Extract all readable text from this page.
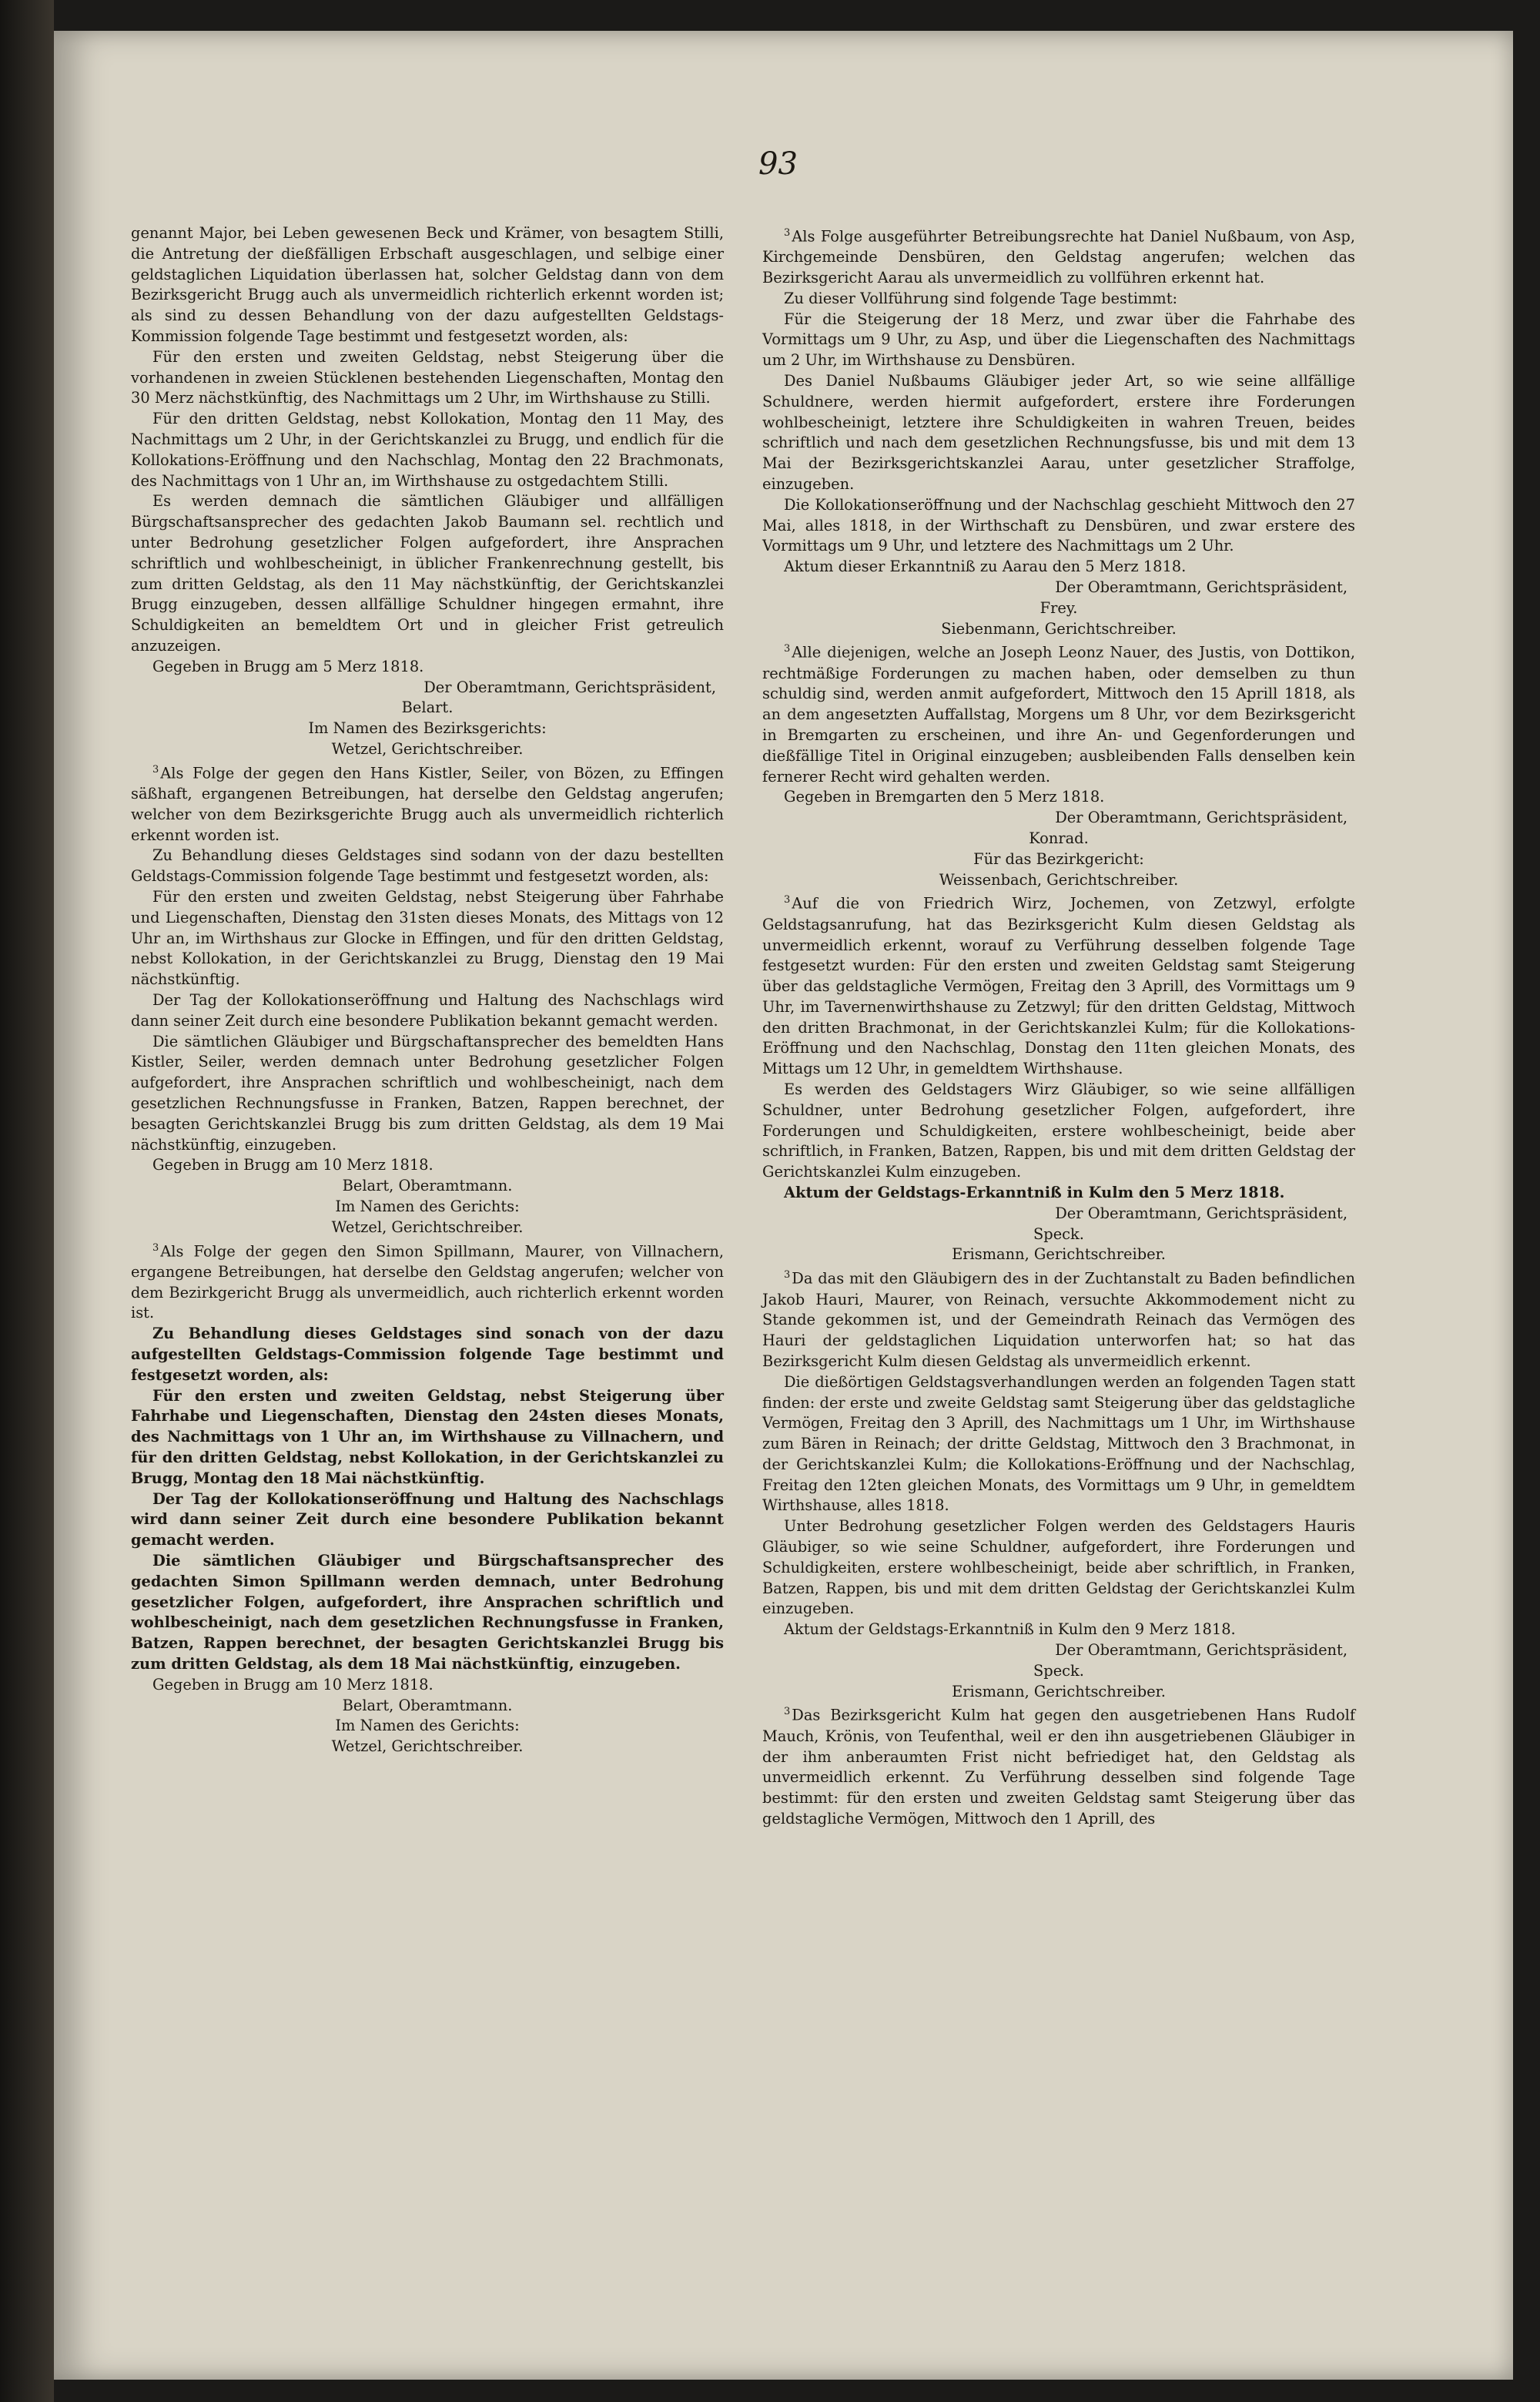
93

genannt Major, bei Leben gewesenen Beck und Krämer, von besagtem Stilli, die Antretung der dießfälligen Erbschaft ausgeschlagen, und selbige einer geldstaglichen Liquidation überlassen hat, solcher Geldstag dann von dem Bezirksgericht Brugg auch als unvermeidlich richterlich erkennt worden ist; als sind zu dessen Behandlung von der dazu aufgestellten Geldstags-Kommission folgende Tage bestimmt und festgesetzt worden, als:

Für den ersten und zweiten Geldstag, nebst Steigerung über die vorhandenen in zweien Stücklenen bestehenden Liegenschaften, Montag den 30 Merz nächstkünftig, des Nachmittags um 2 Uhr, im Wirthshause zu Stilli.

Für den dritten Geldstag, nebst Kollokation, Montag den 11 May, des Nachmittags um 2 Uhr, in der Gerichtskanzlei zu Brugg, und endlich für die Kollokations-Eröffnung und den Nachschlag, Montag den 22 Brachmonats, des Nachmittags von 1 Uhr an, im Wirthshause zu ostgedachtem Stilli.

Es werden demnach die sämtlichen Gläubiger und allfälligen Bürgschaftsansprecher des gedachten Jakob Baumann sel. rechtlich und unter Bedrohung gesetzlicher Folgen aufgefordert, ihre Ansprachen schriftlich und wohlbescheinigt, in üblicher Frankenrechnung gestellt, bis zum dritten Geldstag, als den 11 May nächstkünftig, der Gerichtskanzlei Brugg einzugeben, dessen allfällige Schuldner hingegen ermahnt, ihre Schuldigkeiten an bemeldtem Ort und in gleicher Frist getreulich anzuzeigen.

Gegeben in Brugg am 5 Merz 1818.

Der Oberamtmann, Gerichtspräsident,

Belart.

Im Namen des Bezirksgerichts:

Wetzel, Gerichtschreiber.

$^3$ Als Folge der gegen den Hans Kistler, Seiler, von Bözen, zu Effingen säßhaft, ergangenen Betreibungen, hat derselbe den Geldstag angerufen; welcher von dem Bezirksgerichte Brugg auch als unvermeidlich richterlich erkennt worden ist.

Zu Behandlung dieses Geldstages sind sodann von der dazu bestellten Geldstags-Commission folgende Tage bestimmt und festgesetzt worden, als:

Für den ersten und zweiten Geldstag, nebst Steigerung über Fahrhabe und Liegenschaften, Dienstag den 31sten dieses Monats, des Mittags von 12 Uhr an, im Wirthshaus zur Glocke in Effingen, und für den dritten Geldstag, nebst Kollokation, in der Gerichtskanzlei zu Brugg, Dienstag den 19 Mai nächstkünftig.

Der Tag der Kollokationseröffnung und Haltung des Nachschlags wird dann seiner Zeit durch eine besondere Publikation bekannt gemacht werden.

Die sämtlichen Gläubiger und Bürgschaftansprecher des bemeldten Hans Kistler, Seiler, werden demnach unter Bedrohung gesetzlicher Folgen aufgefordert, ihre Ansprachen schriftlich und wohlbescheinigt, nach dem gesetzlichen Rechnungsfusse in Franken, Batzen, Rappen berechnet, der besagten Gerichtskanzlei Brugg bis zum dritten Geldstag, als dem 19 Mai nächstkünftig, einzugeben.

Gegeben in Brugg am 10 Merz 1818.

Belart, Oberamtmann.

Im Namen des Gerichts:

Wetzel, Gerichtschreiber.

$^3$ Als Folge der gegen den Simon Spillmann, Maurer, von Villnachern, ergangene Betreibungen, hat derselbe den Geldstag angerufen; welcher von dem Bezirkgericht Brugg als unvermeidlich, auch richterlich erkennt worden ist.

Zu Behandlung dieses Geldstages sind sonach von der dazu aufgestellten Geldstags-Commission folgende Tage bestimmt und festgesetzt worden, als:

Für den ersten und zweiten Geldstag, nebst Steigerung über Fahrhabe und Liegenschaften, Dienstag den 24sten dieses Monats, des Nachmittags von 1 Uhr an, im Wirthshause zu Villnachern, und für den dritten Geldstag, nebst Kollokation, in der Gerichtskanzlei zu Brugg, Montag den 18 Mai nächstkünftig.

Der Tag der Kollokationseröffnung und Haltung des Nachschlags wird dann seiner Zeit durch eine besondere Publikation bekannt gemacht werden.

Die sämtlichen Gläubiger und Bürgschaftsansprecher des gedachten Simon Spillmann werden demnach, unter Bedrohung gesetzlicher Folgen, aufgefordert, ihre Ansprachen schriftlich und wohlbescheinigt, nach dem gesetzlichen Rechnungsfusse in Franken, Batzen, Rappen berechnet, der besagten Gerichtskanzlei Brugg bis zum dritten Geldstag, als dem 18 Mai nächstkünftig, einzugeben.

Gegeben in Brugg am 10 Merz 1818.

Belart, Oberamtmann.

Im Namen des Gerichts:

Wetzel, Gerichtschreiber.

$^3$ Als Folge ausgeführter Betreibungsrechte hat Daniel Nußbaum, von Asp, Kirchgemeinde Densbüren, den Geldstag angerufen; welchen das Bezirksgericht Aarau als unvermeidlich zu vollführen erkennt hat.

Zu dieser Vollführung sind folgende Tage bestimmt:

Für die Steigerung der 18 Merz, und zwar über die Fahrhabe des Vormittags um 9 Uhr, zu Asp, und über die Liegenschaften des Nachmittags um 2 Uhr, im Wirthshause zu Densbüren.

Des Daniel Nußbaums Gläubiger jeder Art, so wie seine allfällige Schuldnere, werden hiermit aufgefordert, erstere ihre Forderungen wohlbescheinigt, letztere ihre Schuldigkeiten in wahren Treuen, beides schriftlich und nach dem gesetzlichen Rechnungsfusse, bis und mit dem 13 Mai der Bezirksgerichtskanzlei Aarau, unter gesetzlicher Straffolge, einzugeben.

Die Kollokationseröffnung und der Nachschlag geschieht Mittwoch den 27 Mai, alles 1818, in der Wirthschaft zu Densbüren, und zwar erstere des Vormittags um 9 Uhr, und letztere des Nachmittags um 2 Uhr.

Aktum dieser Erkanntniß zu Aarau den 5 Merz 1818.

Der Oberamtmann, Gerichtspräsident,

Frey.

Siebenmann, Gerichtschreiber.

$^3$ Alle diejenigen, welche an Joseph Leonz Nauer, des Justis, von Dottikon, rechtmäßige Forderungen zu machen haben, oder demselben zu thun schuldig sind, werden anmit aufgefordert, Mittwoch den 15 Aprill 1818, als an dem angesetzten Auffallstag, Morgens um 8 Uhr, vor dem Bezirksgericht in Bremgarten zu erscheinen, und ihre An- und Gegenforderungen und dießfällige Titel in Original einzugeben; ausbleibenden Falls denselben kein fernerer Recht wird gehalten werden.

Gegeben in Bremgarten den 5 Merz 1818.

Der Oberamtmann, Gerichtspräsident,

Konrad.

Für das Bezirkgericht:

Weissenbach, Gerichtschreiber.

$^3$ Auf die von Friedrich Wirz, Jochemen, von Zetzwyl, erfolgte Geldstagsanrufung, hat das Bezirksgericht Kulm diesen Geldstag als unvermeidlich erkennt, worauf zu Verführung desselben folgende Tage festgesetzt wurden: Für den ersten und zweiten Geldstag samt Steigerung über das geldstagliche Vermögen, Freitag den 3 Aprill, des Vormittags um 9 Uhr, im Tavernenwirthshause zu Zetzwyl; für den dritten Geldstag, Mittwoch den dritten Brachmonat, in der Gerichtskanzlei Kulm; für die Kollokations-Eröffnung und den Nachschlag, Donstag den 11ten gleichen Monats, des Mittags um 12 Uhr, in gemeldtem Wirthshause.

Es werden des Geldstagers Wirz Gläubiger, so wie seine allfälligen Schuldner, unter Bedrohung gesetzlicher Folgen, aufgefordert, ihre Forderungen und Schuldigkeiten, erstere wohlbescheinigt, beide aber schriftlich, in Franken, Batzen, Rappen, bis und mit dem dritten Geldstag der Gerichtskanzlei Kulm einzugeben.

Aktum der Geldstags-Erkanntniß in Kulm den 5 Merz 1818.

Der Oberamtmann, Gerichtspräsident,

Speck.

Erismann, Gerichtschreiber.

$^3$ Da das mit den Gläubigern des in der Zuchtanstalt zu Baden befindlichen Jakob Hauri, Maurer, von Reinach, versuchte Akkommodement nicht zu Stande gekommen ist, und der Gemeindrath Reinach das Vermögen des Hauri der geldstaglichen Liquidation unterworfen hat; so hat das Bezirksgericht Kulm diesen Geldstag als unvermeidlich erkennt.

Die dießörtigen Geldstagsverhandlungen werden an folgenden Tagen statt finden: der erste und zweite Geldstag samt Steigerung über das geldstagliche Vermögen, Freitag den 3 Aprill, des Nachmittags um 1 Uhr, im Wirthshause zum Bären in Reinach; der dritte Geldstag, Mittwoch den 3 Brachmonat, in der Gerichtskanzlei Kulm; die Kollokations-Eröffnung und der Nachschlag, Freitag den 12ten gleichen Monats, des Vormittags um 9 Uhr, in gemeldtem Wirthshause, alles 1818.

Unter Bedrohung gesetzlicher Folgen werden des Geldstagers Hauris Gläubiger, so wie seine Schuldner, aufgefordert, ihre Forderungen und Schuldigkeiten, erstere wohlbescheinigt, beide aber schriftlich, in Franken, Batzen, Rappen, bis und mit dem dritten Geldstag der Gerichtskanzlei Kulm einzugeben.

Aktum der Geldstags-Erkanntniß in Kulm den 9 Merz 1818.

Der Oberamtmann, Gerichtspräsident,

Speck.

Erismann, Gerichtschreiber.

$^3$ Das Bezirksgericht Kulm hat gegen den ausgetriebenen Hans Rudolf Mauch, Krönis, von Teufenthal, weil er den ihn ausgetriebenen Gläubiger in der ihm anberaumten Frist nicht befriediget hat, den Geldstag als unvermeidlich erkennt. Zu Verführung desselben sind folgende Tage bestimmt: für den ersten und zweiten Geldstag samt Steigerung über das geldstagliche Vermögen, Mittwoch den 1 Aprill, des
